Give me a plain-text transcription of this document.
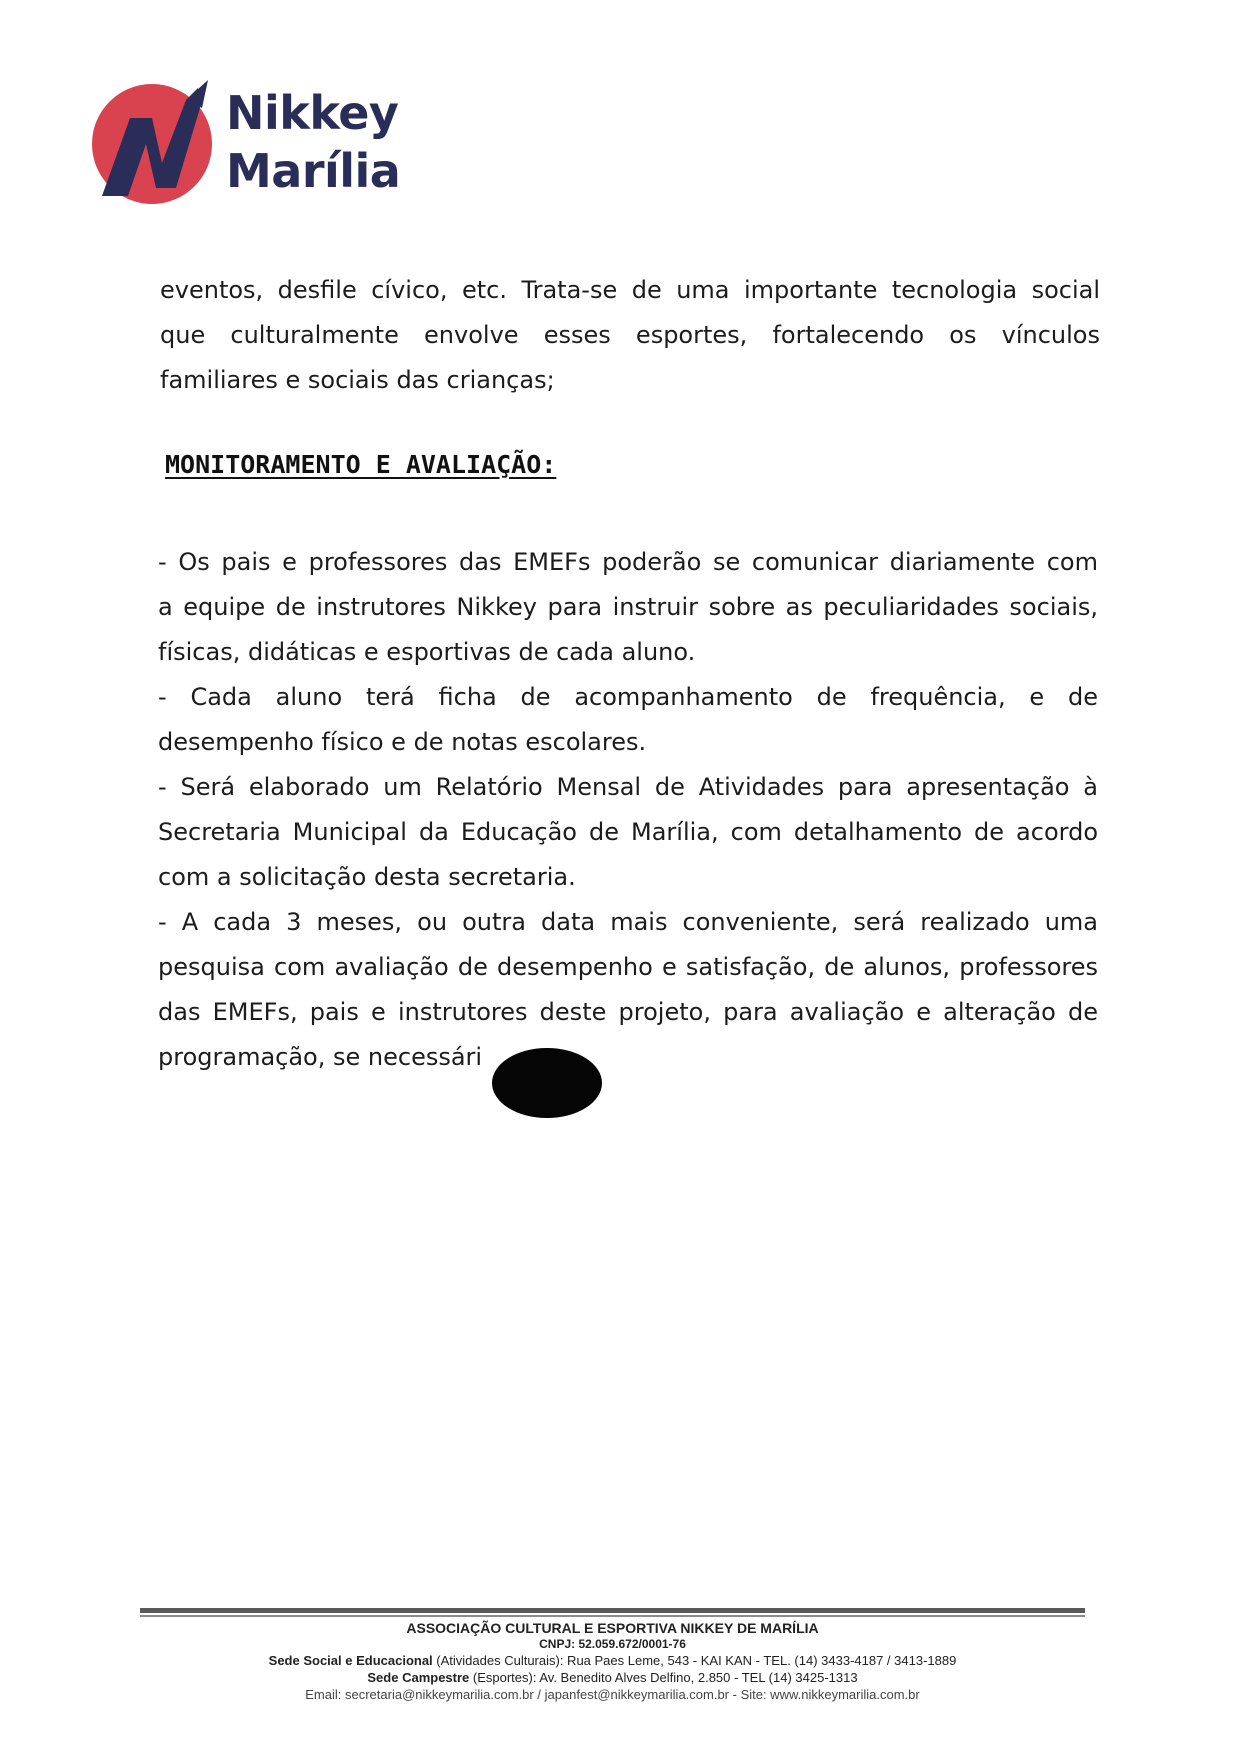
Nikkey
Marília
eventos, desfile cívico, etc. Trata-se de uma importante tecnologia social
que culturalmente envolve esses esportes, fortalecendo os vínculos
familiares e sociais das crianças;
MONITORAMENTO E AVALIAÇÃO:
- Os pais e professores das EMEFs poderão se comunicar diariamente com
a equipe de instrutores Nikkey para instruir sobre as peculiaridades sociais,
físicas, didáticas e esportivas de cada aluno.
- Cada aluno terá ficha de acompanhamento de frequência, e de
desempenho físico e de notas escolares.
- Será elaborado um Relatório Mensal de Atividades para apresentação à
Secretaria Municipal da Educação de Marília, com detalhamento de acordo
com a solicitação desta secretaria.
- A cada 3 meses, ou outra data mais conveniente, será realizado uma
pesquisa com avaliação de desempenho e satisfação, de alunos, professores
das EMEFs, pais e instrutores deste projeto, para avaliação e alteração de
programação, se necessári
ASSOCIAÇÃO CULTURAL E ESPORTIVA NIKKEY DE MARÍLIA
CNPJ: 52.059.672/0001-76
Sede Social e Educacional (Atividades Culturais): Rua Paes Leme, 543 - KAI KAN - TEL. (14) 3433-4187 / 3413-1889
Sede Campestre (Esportes): Av. Benedito Alves Delfino, 2.850 - TEL (14) 3425-1313
Email: secretaria@nikkeymarilia.com.br / japanfest@nikkeymarilia.com.br - Site: www.nikkeymarilia.com.br
